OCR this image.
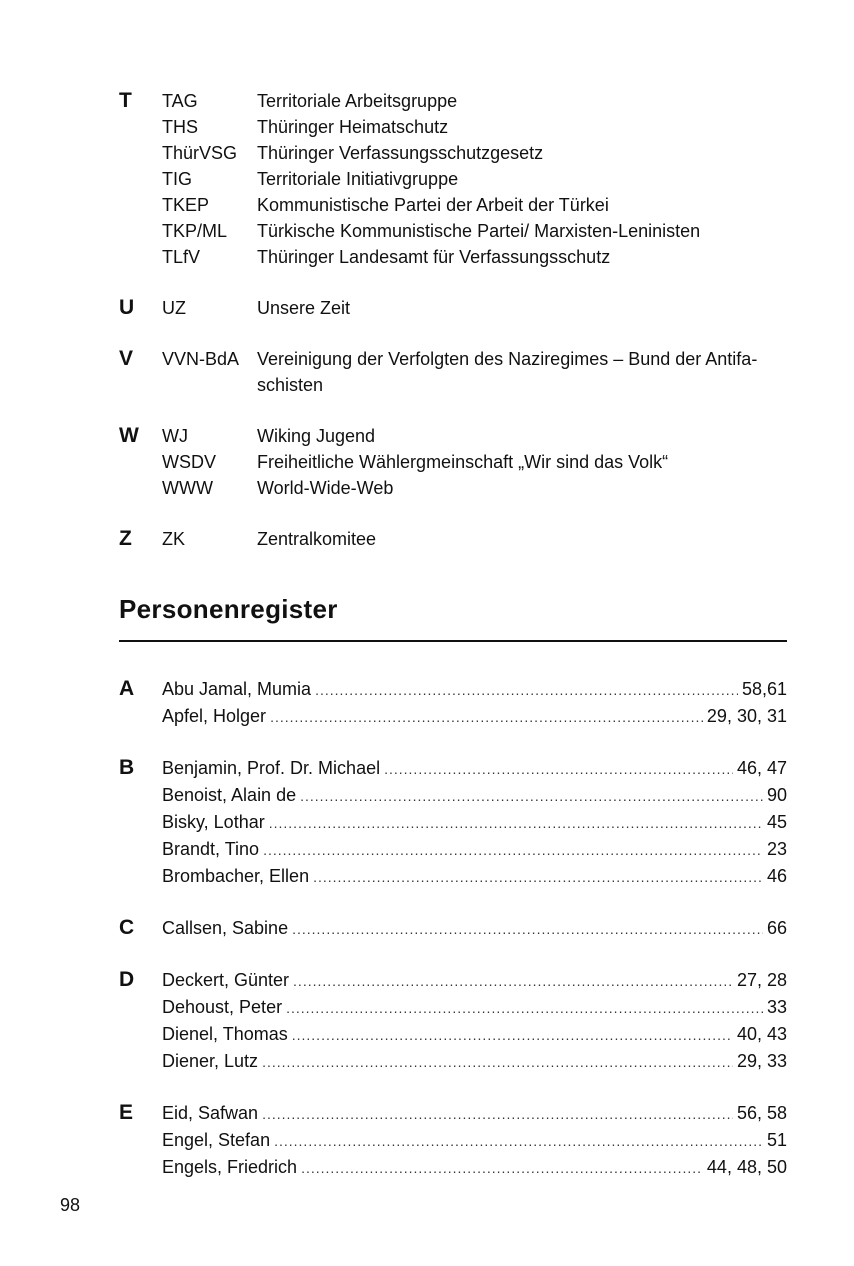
T TAG	Territoriale Arbeitsgruppe
THS	Thüringer Heimatschutz
ThürVSG	Thüringer Verfassungsschutzgesetz
TIG	Territoriale Initiativgruppe
TKEP	Kommunistische Partei der Arbeit der Türkei
TKP/ML	Türkische Kommunistische Partei/ Marxisten-Leninisten
TLfV	Thüringer Landesamt für Verfassungsschutz
U UZ	Unsere Zeit
V VVN-BdA Vereinigung der Verfolgten des Naziregimes – Bund der Antifa-schisten
W WJ	Wiking Jugend
WSDV	Freiheitliche Wählergmeinschaft „Wir sind das Volk“
WWW	World-Wide-Web
Z ZK	Zentralkomitee
Personenregister
A Abu Jamal, Mumia .....	58,61
Apfel, Holger .....	29, 30, 31
B Benjamin, Prof. Dr. Michael .....	46, 47
Benoist, Alain de .....	90
Bisky, Lothar .....	45
Brandt, Tino .....	23
Brombacher, Ellen .....	46
C Callsen, Sabine .....	66
D Deckert, Günter .....	27, 28
Dehoust, Peter .....	33
Dienel, Thomas .....	40, 43
Diener, Lutz .....	29, 33
E Eid, Safwan .....	56, 58
Engel, Stefan .....	51
Engels, Friedrich .....	44, 48, 50
98
